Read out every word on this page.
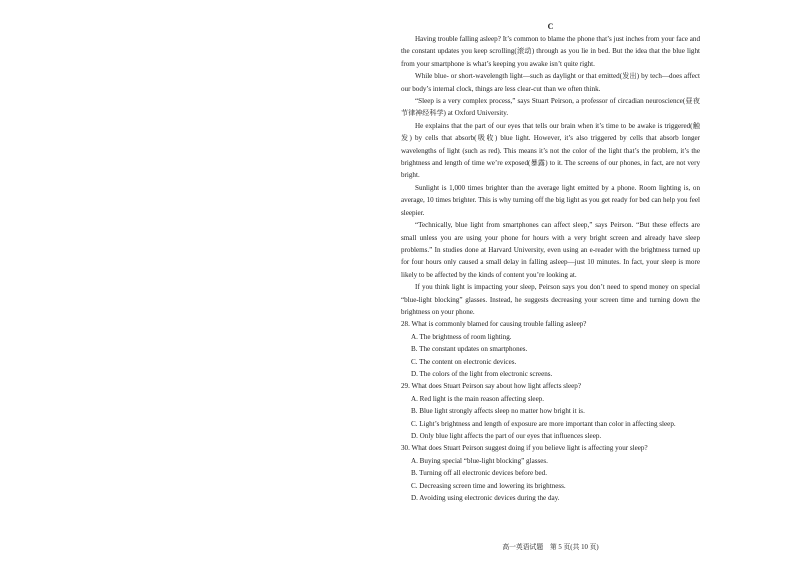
C

Having trouble falling asleep? It’s common to blame the phone that’s just inches from your face and the constant updates you keep scrolling(滚动) through as you lie in bed. But the idea that the blue light from your smartphone is what’s keeping you awake isn’t quite right.

While blue- or short-wavelength light—such as daylight or that emitted(发出) by tech—does affect our body’s internal clock, things are less clear-cut than we often think.

“Sleep is a very complex process,” says Stuart Peirson, a professor of circadian neuroscience(昼夜节律神经科学) at Oxford University.

He explains that the part of our eyes that tells our brain when it’s time to be awake is triggered(触发) by cells that absorb(吸收) blue light. However, it’s also triggered by cells that absorb longer wavelengths of light (such as red). This means it’s not the color of the light that’s the problem, it’s the brightness and length of time we’re exposed(暴露) to it. The screens of our phones, in fact, are not very bright.

Sunlight is 1,000 times brighter than the average light emitted by a phone. Room lighting is, on average, 10 times brighter. This is why turning off the big light as you get ready for bed can help you feel sleepier.

“Technically, blue light from smartphones can affect sleep,” says Peirson. “But these effects are small unless you are using your phone for hours with a very bright screen and already have sleep problems.” In studies done at Harvard University, even using an e-reader with the brightness turned up for four hours only caused a small delay in falling asleep—just 10 minutes. In fact, your sleep is more likely to be affected by the kinds of content you’re looking at.

If you think light is impacting your sleep, Peirson says you don’t need to spend money on special “blue-light blocking” glasses. Instead, he suggests decreasing your screen time and turning down the brightness on your phone.

28. What is commonly blamed for causing trouble falling asleep?

A. The brightness of room lighting.

B. The constant updates on smartphones.

C. The content on electronic devices.

D. The colors of the light from electronic screens.

29. What does Stuart Peirson say about how light affects sleep?

A. Red light is the main reason affecting sleep.

B. Blue light strongly affects sleep no matter how bright it is.

C. Light’s brightness and length of exposure are more important than color in affecting sleep.

D. Only blue light affects the part of our eyes that influences sleep.

30. What does Stuart Peirson suggest doing if you believe light is affecting your sleep?

A. Buying special “blue-light blocking” glasses.

B. Turning off all electronic devices before bed.

C. Decreasing screen time and lowering its brightness.

D. Avoiding using electronic devices during the day.

高一英语试题　第 5 页(共 10 页)
